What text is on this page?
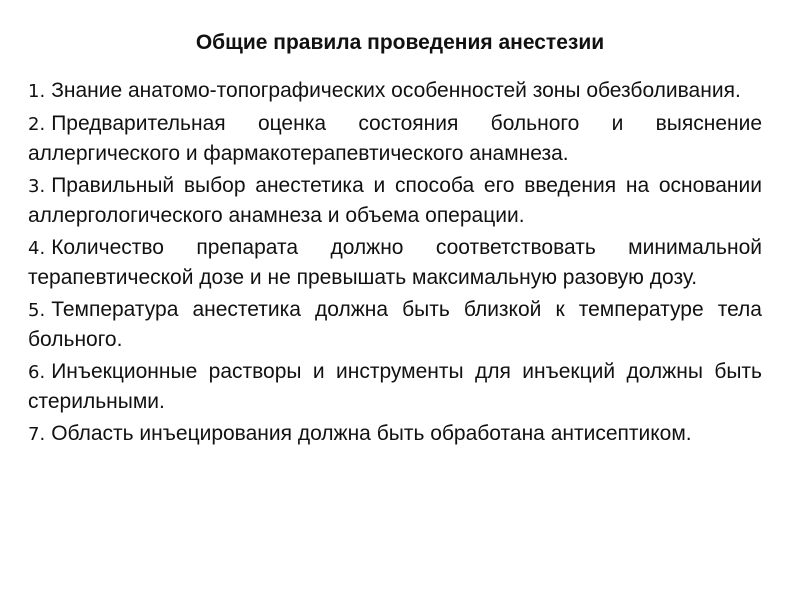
Общие правила проведения анестезии
1. Знание анатомо-топографических особенностей зоны обезболивания.
2. Предварительная оценка состояния больного и выяснение аллергического и фармакотерапевтического анамнеза.
3. Правильный выбор анестетика и способа его введения на основании аллергологического анамнеза и объема операции.
4. Количество препарата должно соответствовать минимальной терапевтической дозе и не превышать максимальную разовую дозу.
5. Температура анестетика должна быть близкой к температуре тела больного.
6. Инъекционные растворы и инструменты для инъекций должны быть стерильными.
7. Область инъецирования должна быть обработана антисептиком.
